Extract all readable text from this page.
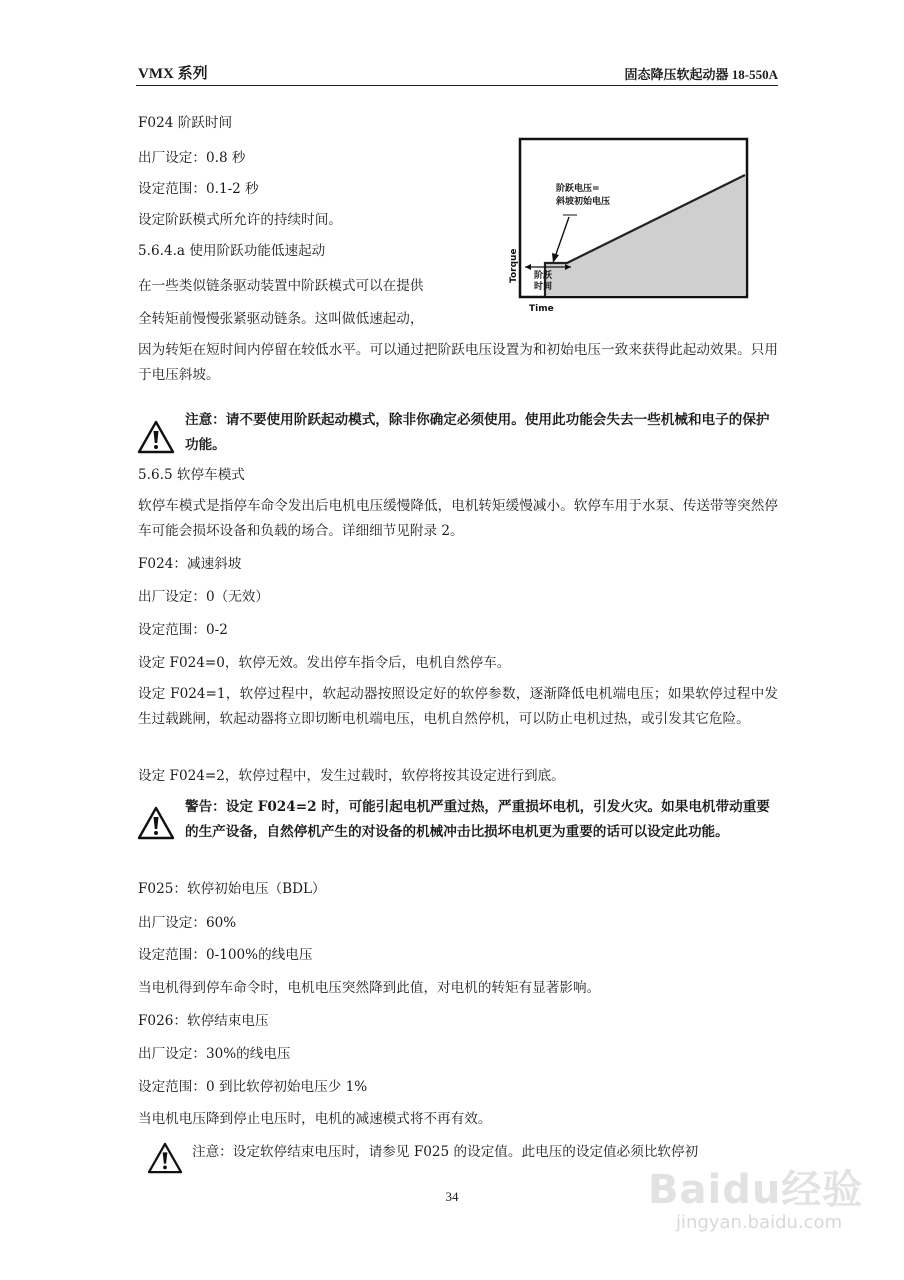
VMX 系列	固态降压软起动器 18-550A
F024 阶跃时间
出厂设定：0.8 秒
设定范围：0.1-2 秒
设定阶跃模式所允许的持续时间。
5.6.4.a 使用阶跃功能低速起动
在一些类似链条驱动装置中阶跃模式可以在提供
全转矩前慢慢张紧驱动链条。这叫做低速起动，
因为转矩在短时间内停留在较低水平。可以通过把阶跃电压设置为和初始电压一致来获得此起动效果。只用于电压斜坡。
阶跃电压=
斜坡初始电压
阶跃
时间
Torque
Time
注意：请不要使用阶跃起动模式，除非你确定必须使用。使用此功能会失去一些机械和电子的保护功能。
5.6.5 软停车模式
软停车模式是指停车命令发出后电机电压缓慢降低，电机转矩缓慢减小。软停车用于水泵、传送带等突然停车可能会损坏设备和负载的场合。详细细节见附录 2。
F024：减速斜坡
出厂设定：0（无效）
设定范围：0-2
设定 F024=0，软停无效。发出停车指令后，电机自然停车。
设定 F024=1，软停过程中，软起动器按照设定好的软停参数，逐渐降低电机端电压；如果软停过程中发生过载跳闸，软起动器将立即切断电机端电压，电机自然停机，可以防止电机过热，或引发其它危险。
设定 F024=2，软停过程中，发生过载时，软停将按其设定进行到底。
警告：设定 F024=2 时，可能引起电机严重过热，严重损坏电机，引发火灾。如果电机带动重要的生产设备，自然停机产生的对设备的机械冲击比损坏电机更为重要的话可以设定此功能。
F025：软停初始电压（BDL）
出厂设定：60%
设定范围：0-100%的线电压
当电机得到停车命令时，电机电压突然降到此值，对电机的转矩有显著影响。
F026：软停结束电压
出厂设定：30%的线电压
设定范围：0 到比软停初始电压少 1%
当电机电压降到停止电压时，电机的减速模式将不再有效。
注意：设定软停结束电压时，请参见 F025 的设定值。此电压的设定值必须比软停初
34	Baidu经验
jingyan.baidu.com
